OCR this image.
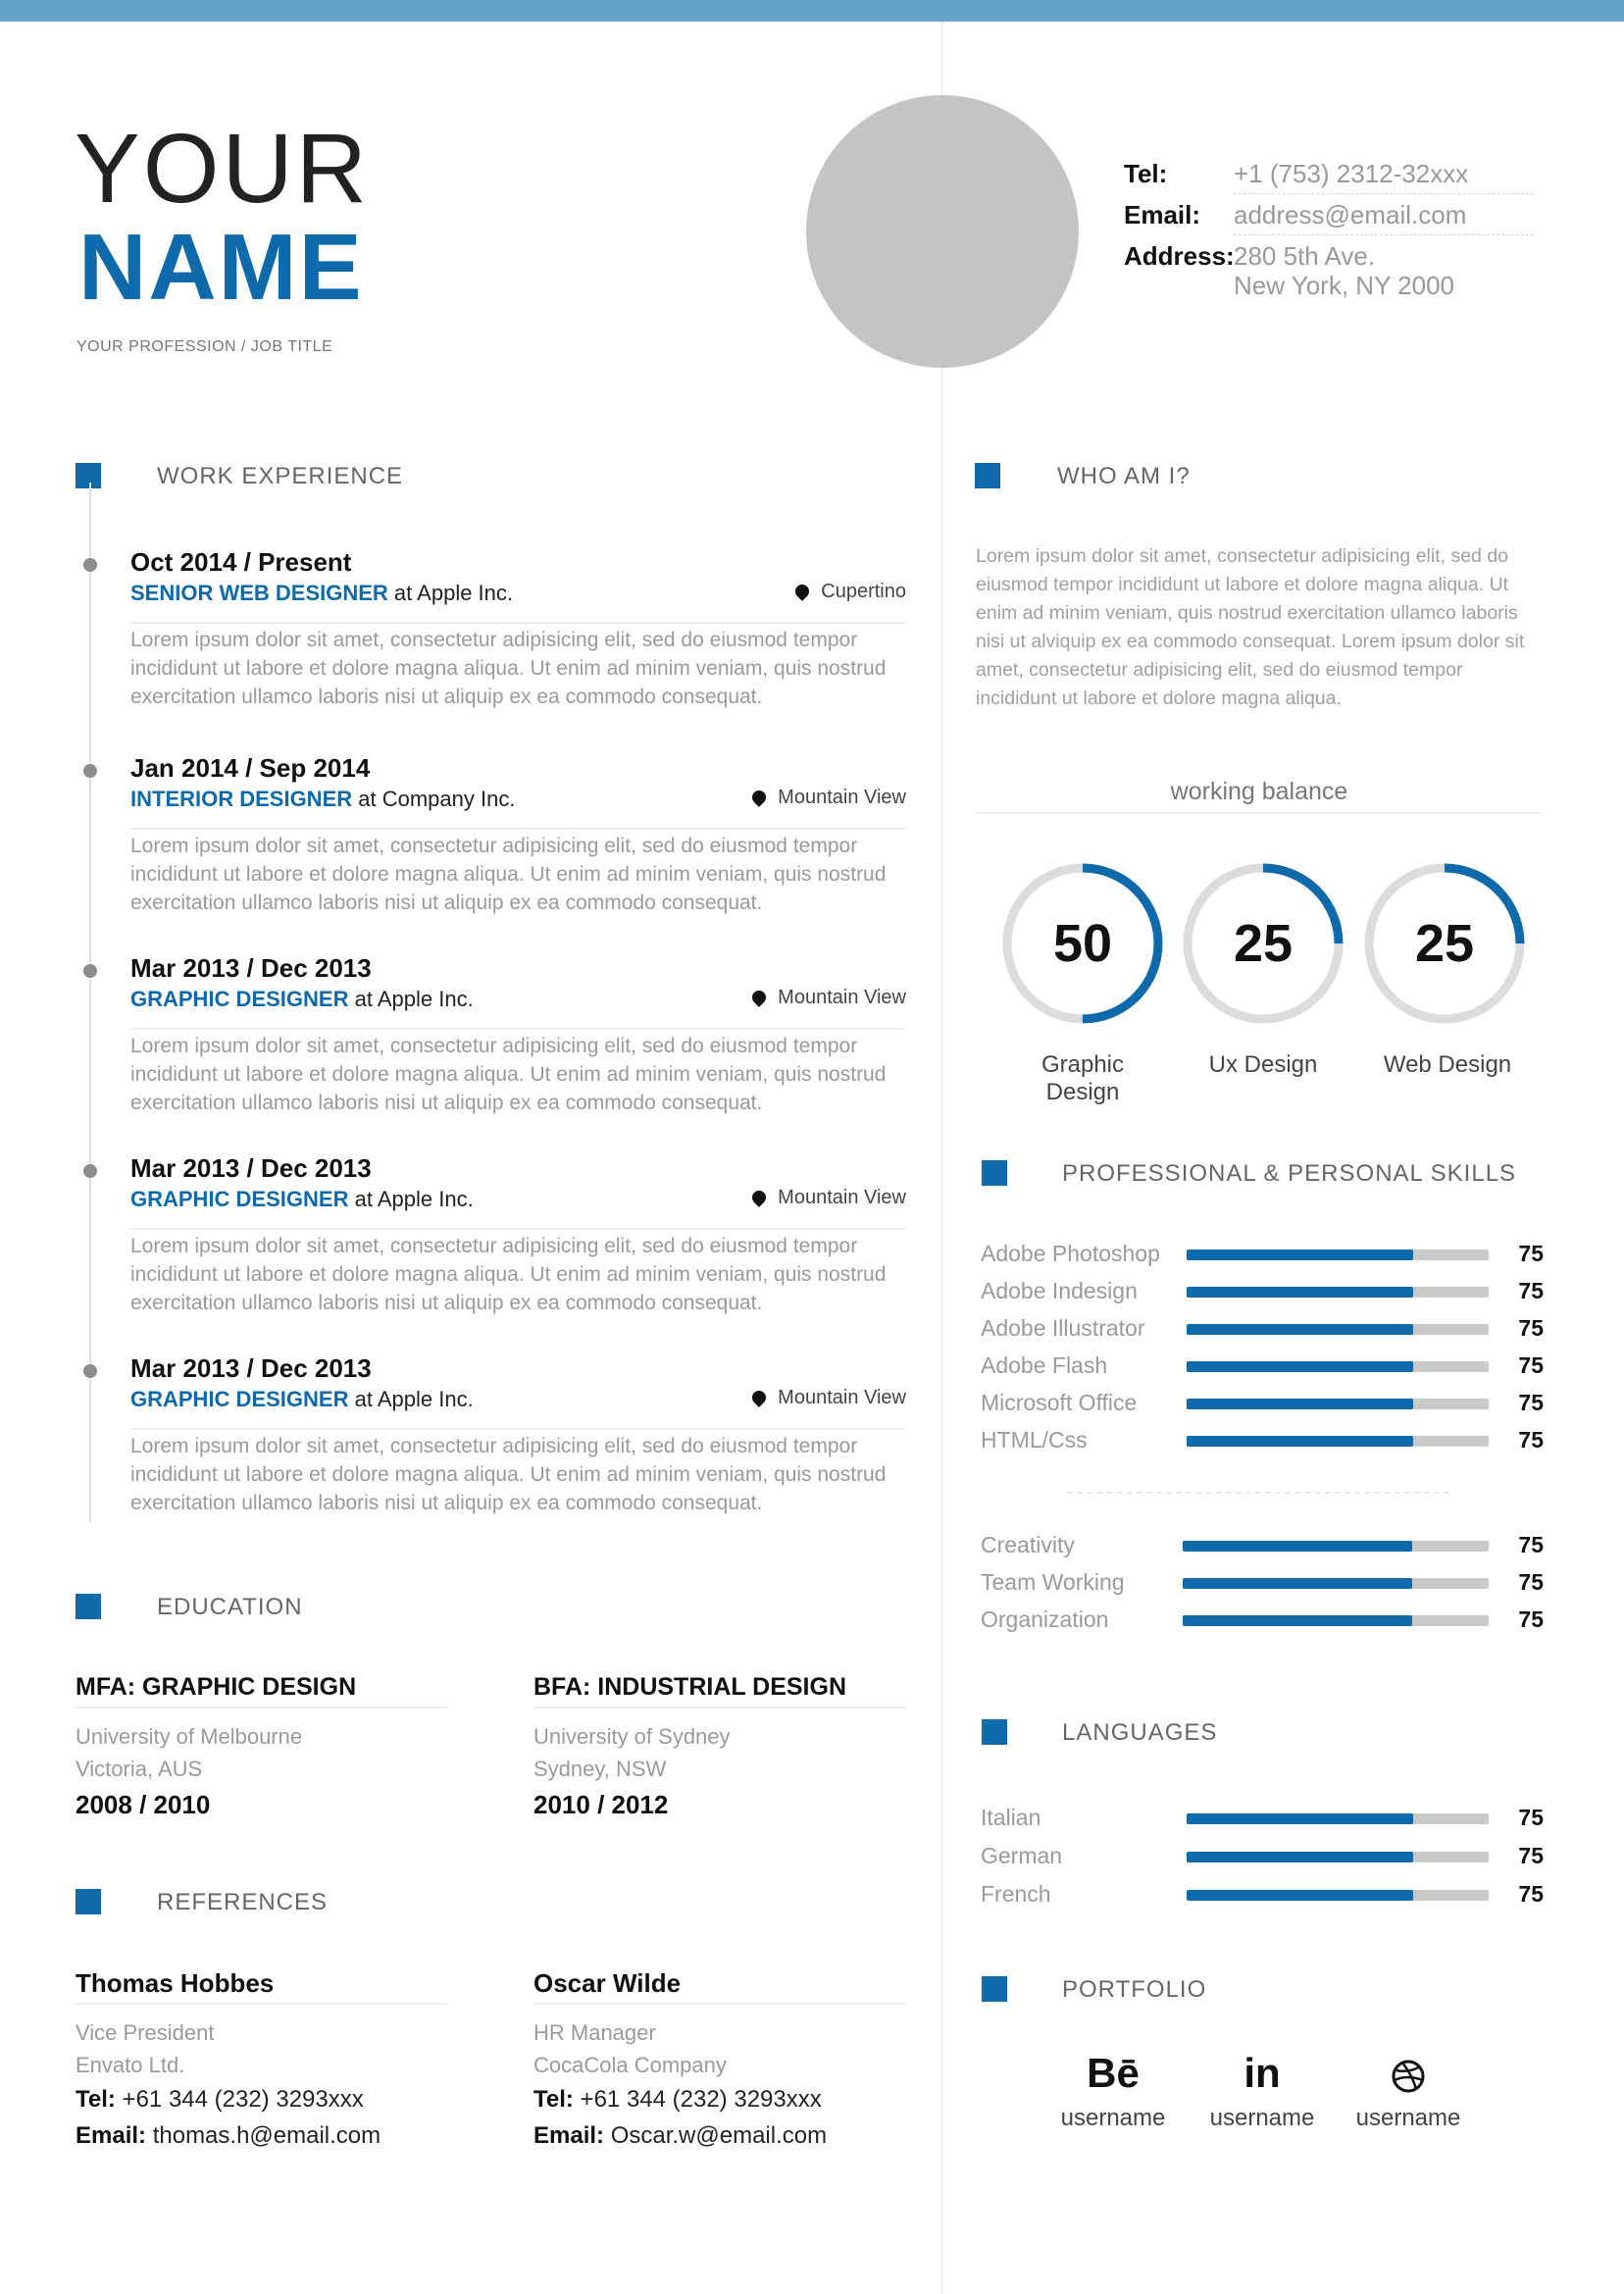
YOUR
NAME
YOUR PROFESSION / JOB TITLE
Tel:	+1 (753) 2312-32xxx
Email: address@email.com
Address:280 5th Ave.
New York, NY 2000
WORK EXPERIENCE
Oct 2014 / Present
SENIOR WEB DESIGNER at Apple Inc.	Cupertino
Lorem ipsum dolor sit amet, consectetur adipisicing elit, sed do eiusmod tempor incididunt ut labore et dolore magna aliqua. Ut enim ad minim veniam, quis nostrud exercitation ullamco laboris nisi ut aliquip ex ea commodo consequat.
Jan 2014 / Sep 2014
INTERIOR DESIGNER at Company Inc.	Mountain View
Lorem ipsum dolor sit amet, consectetur adipisicing elit, sed do eiusmod tempor incididunt ut labore et dolore magna aliqua. Ut enim ad minim veniam, quis nostrud exercitation ullamco laboris nisi ut aliquip ex ea commodo consequat.
Mar 2013 / Dec 2013
GRAPHIC DESIGNER at Apple Inc.	Mountain View
Lorem ipsum dolor sit amet, consectetur adipisicing elit, sed do eiusmod tempor incididunt ut labore et dolore magna aliqua. Ut enim ad minim veniam, quis nostrud exercitation ullamco laboris nisi ut aliquip ex ea commodo consequat.
Mar 2013 / Dec 2013
GRAPHIC DESIGNER at Apple Inc.	Mountain View
Lorem ipsum dolor sit amet, consectetur adipisicing elit, sed do eiusmod tempor incididunt ut labore et dolore magna aliqua. Ut enim ad minim veniam, quis nostrud exercitation ullamco laboris nisi ut aliquip ex ea commodo consequat.
Mar 2013 / Dec 2013
GRAPHIC DESIGNER at Apple Inc.	Mountain View
Lorem ipsum dolor sit amet, consectetur adipisicing elit, sed do eiusmod tempor incididunt ut labore et dolore magna aliqua. Ut enim ad minim veniam, quis nostrud exercitation ullamco laboris nisi ut aliquip ex ea commodo consequat.
EDUCATION
MFA: GRAPHIC DESIGN
University of Melbourne
Victoria, AUS
2008 / 2010
BFA: INDUSTRIAL DESIGN
University of Sydney
Sydney, NSW
2010 / 2012
REFERENCES
Thomas Hobbes
Vice President
Envato Ltd.
Tel: +61 344 (232) 3293xxx
Email: thomas.h@email.com
Oscar Wilde
HR Manager
CocaCola Company
Tel: +61 344 (232) 3293xxx
Email: Oscar.w@email.com
WHO AM I?
Lorem ipsum dolor sit amet, consectetur adipisicing elit, sed do eiusmod tempor incididunt ut labore et dolore magna aliqua. Ut enim ad minim veniam, quis nostrud exercitation ullamco laboris nisi ut alviquip ex ea commodo consequat. Lorem ipsum dolor sit amet, consectetur adipisicing elit, sed do eiusmod tempor incididunt ut labore et dolore magna aliqua.
working balance
50	25	25
Graphic
Design
Ux Design	Web Design
PROFESSIONAL & PERSONAL SKILLS
Adobe Photoshop	75
Adobe Indesign	75
Adobe Illustrator	75
Adobe Flash	75
Microsoft Office	75
HTML/Css	75
Creativity	75
Team Working	75
Organization	75
LANGUAGES
Italian	75
German	75
French	75
PORTFOLIO
Bē
username
in
username	username
